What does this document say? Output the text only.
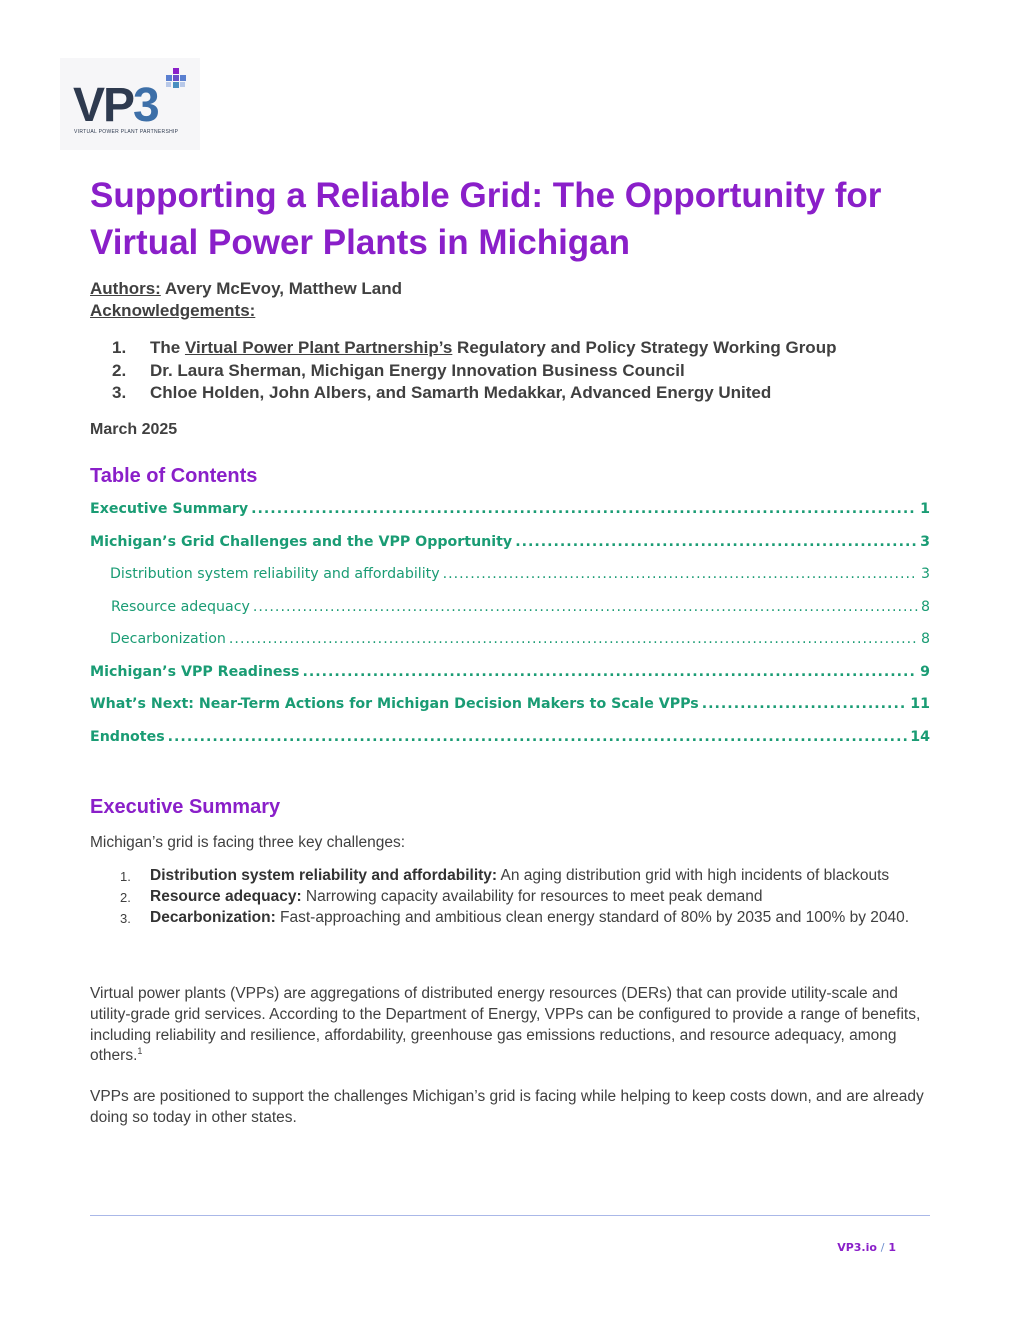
VP3
VIRTUAL POWER PLANT PARTNERSHIP
Supporting a Reliable Grid: The Opportunity for Virtual Power Plants in Michigan
Authors: Avery McEvoy, Matthew Land
Acknowledgements:
1. The Virtual Power Plant Partnership’s Regulatory and Policy Strategy Working Group
2. Dr. Laura Sherman, Michigan Energy Innovation Business Council
3. Chloe Holden, John Albers, and Samarth Medakkar, Advanced Energy United
March 2025
Table of Contents
Executive Summary .....	1
Michigan’s Grid Challenges and the VPP Opportunity .....	3
Distribution system reliability and affordability .....	3
Resource adequacy .....	8
Decarbonization .....	8
Michigan’s VPP Readiness .....	9
What’s Next: Near-Term Actions for Michigan Decision Makers to Scale VPPs .....	11
Endnotes .....	14
Executive Summary

Michigan’s grid is facing three key challenges:

1. Distribution system reliability and affordability: An aging distribution grid with high incidents of blackouts
2. Resource adequacy: Narrowing capacity availability for resources to meet peak demand
3. Decarbonization: Fast-approaching and ambitious clean energy standard of 80% by 2035 and 100% by 2040.

Virtual power plants (VPPs) are aggregations of distributed energy resources (DERs) that can provide utility-scale and utility-grade grid services. According to the Department of Energy, VPPs can be configured to provide a range of benefits, including reliability and resilience, affordability, greenhouse gas emissions reductions, and resource adequacy, among others.$^1$

VPPs are positioned to support the challenges Michigan’s grid is facing while helping to keep costs down, and are already doing so today in other states.

VP3.io / 1
